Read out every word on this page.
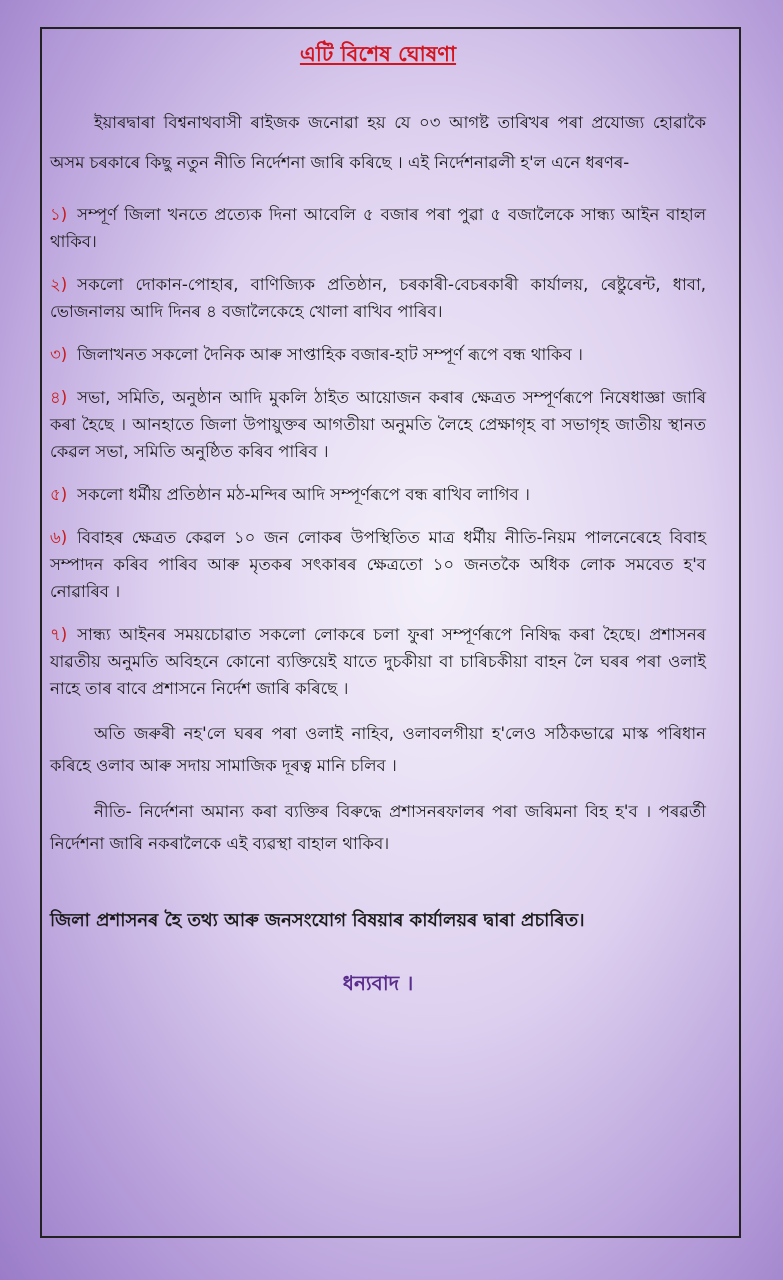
এটি বিশেষ ঘোষণা
ইয়াৰদ্বাৰা বিশ্বনাথবাসী ৰাইজক জনোৱা হয় যে ০৩ আগষ্ট তাৰিখৰ পৰা প্ৰযোজ্য হোৱাকৈ অসম চৰকাৰে কিছু নতুন নীতি নিৰ্দেশনা জাৰি কৰিছে । এই নিৰ্দেশনাৱলী হ'ল এনে ধৰণৰ-
১) সম্পূৰ্ণ জিলা খনতে প্ৰত্যেক দিনা আবেলি ৫ বজাৰ পৰা পুৱা ৫ বজালৈকে সান্ধ্য আইন বাহাল থাকিব।
২) সকলো দোকান-পোহাৰ, বাণিজ্যিক প্ৰতিষ্ঠান, চৰকাৰী-বেচৰকাৰী কাৰ্যালয়, ৰেষ্টুৰেন্ট, ধাবা, ভোজনালয় আদি দিনৰ ৪ বজালৈকেহে খোলা ৰাখিব পাৰিব।
৩) জিলাখনত সকলো দৈনিক আৰু সাপ্তাহিক বজাৰ-হাট সম্পূৰ্ণ ৰূপে বন্ধ থাকিব ।
৪) সভা, সমিতি, অনুষ্ঠান আদি মুকলি ঠাইত আয়োজন কৰাৰ ক্ষেত্ৰত সম্পূৰ্ণৰূপে নিষেধাজ্ঞা জাৰি কৰা হৈছে । আনহাতে জিলা উপায়ুক্তৰ আগতীয়া অনুমতি লৈহে প্ৰেক্ষাগৃহ বা সভাগৃহ জাতীয় স্থানত কেৱল সভা, সমিতি অনুষ্ঠিত কৰিব পাৰিব ।
৫) সকলো ধৰ্মীয় প্ৰতিষ্ঠান মঠ-মন্দিৰ আদি সম্পূৰ্ণৰূপে বন্ধ ৰাখিব লাগিব ।
৬) বিবাহৰ ক্ষেত্ৰত কেৱল ১০ জন লোকৰ উপস্থিতিত মাত্ৰ ধৰ্মীয় নীতি-নিয়ম পালনেৰেহে বিবাহ সম্পাদন কৰিব পাৰিব আৰু মৃতকৰ সৎকাৰৰ ক্ষেত্ৰতো ১০ জনতকৈ অধিক লোক সমবেত হ'ব নোৱাৰিব ।
৭) সান্ধ্য আইনৰ সময়চোৱাত সকলো লোকৰে চলা ফুৰা সম্পূৰ্ণৰূপে নিষিদ্ধ কৰা হৈছে। প্ৰশাসনৰ যাৱতীয় অনুমতি অবিহনে কোনো ব্যক্তিয়েই যাতে দুচকীয়া বা চাৰিচকীয়া বাহন লৈ ঘৰৰ পৰা ওলাই নাহে তাৰ বাবে প্ৰশাসনে নিৰ্দেশ জাৰি কৰিছে ।
অতি জৰুৰী নহ'লে ঘৰৰ পৰা ওলাই নাহিব, ওলাবলগীয়া হ'লেও সঠিকভাৱে মাস্ক পৰিধান কৰিহে ওলাব আৰু সদায় সামাজিক দূৰত্ব মানি চলিব ।
নীতি- নিৰ্দেশনা অমান্য কৰা ব্যক্তিৰ বিৰুদ্ধে প্ৰশাসনৰফালৰ পৰা জৰিমনা বিহ হ'ব । পৰৱৰ্তী নিৰ্দেশনা জাৰি নকৰালৈকে এই ব্যৱস্থা বাহাল থাকিব।
জিলা প্ৰশাসনৰ হৈ তথ্য আৰু জনসংযোগ বিষয়াৰ কাৰ্যালয়ৰ দ্বাৰা প্ৰচাৰিত।
ধন্যবাদ ।
